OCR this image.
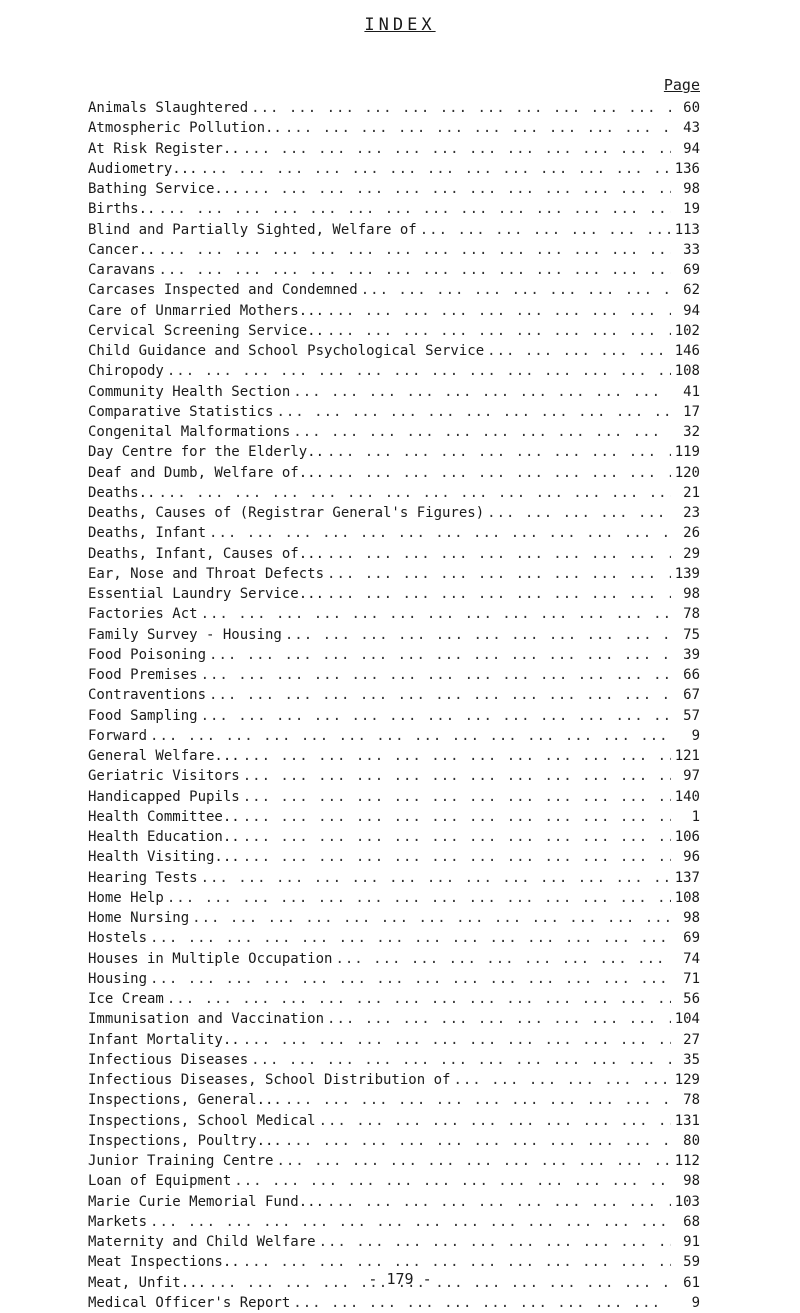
INDEX
Page
Animals Slaughtered ... .	60
Atmospheric Pollution.. ... .	43
At Risk Register.. ... .	94
Audiometry... ... .	136
Bathing Service... ... .	98
Births.. ... .	19
Blind and Partially Sighted, Welfare of ... .	113
Cancer.. ... .	33
Caravans ... .	69
Carcases Inspected and Condemned ... .	62
Care of Unmarried Mothers... ... .	94
Cervical Screening Service.. ... .	102
Child Guidance and School Psychological Service ... .	146
Chiropody ... .	108
Community Health Section ... .	41
Comparative Statistics ... .	17
Congenital Malformations ... .	32
Day Centre for the Elderly.. ... .	119
Deaf and Dumb, Welfare of... ... .	120
Deaths.. ... .	21
Deaths, Causes of (Registrar General's Figures) ... .	23
Deaths, Infant ... .	26
Deaths, Infant, Causes of... ... .	29
Ear, Nose and Throat Defects ... .	139
Essential Laundry Service... ... .	98
Factories Act ... .	78
Family Survey - Housing ... .	75
Food Poisoning ... .	39
Food Premises ... .	66
Contraventions ... .	67
Food Sampling ... .	57
Forward ... .	9
General Welfare... ... .	121
Geriatric Visitors ... .	97
Handicapped Pupils ... .	140
Health Committee.. ... .	1
Health Education.. ... .	106
Health Visiting... ... .	96
Hearing Tests ... .	137
Home Help ... .	108
Home Nursing ... .	98
Hostels ... .	69
Houses in Multiple Occupation ... .	74
Housing ... .	71
Ice Cream ... .	56
Immunisation and Vaccination ... .	104
Infant Mortality.. ... .	27
Infectious Diseases ... .	35
Infectious Diseases, School Distribution of ... .	129
Inspections, General... ... .	78
Inspections, School Medical ... .	131
Inspections, Poultry... ... .	80
Junior Training Centre ... .	112
Loan of Equipment ... .	98
Marie Curie Memorial Fund... ... .	103
Markets ... .	68
Maternity and Child Welfare ... .	91
Meat Inspections.. ... .	59
Meat, Unfit... ... .	61
Medical Officer's Report ... .	9
- 179 -
